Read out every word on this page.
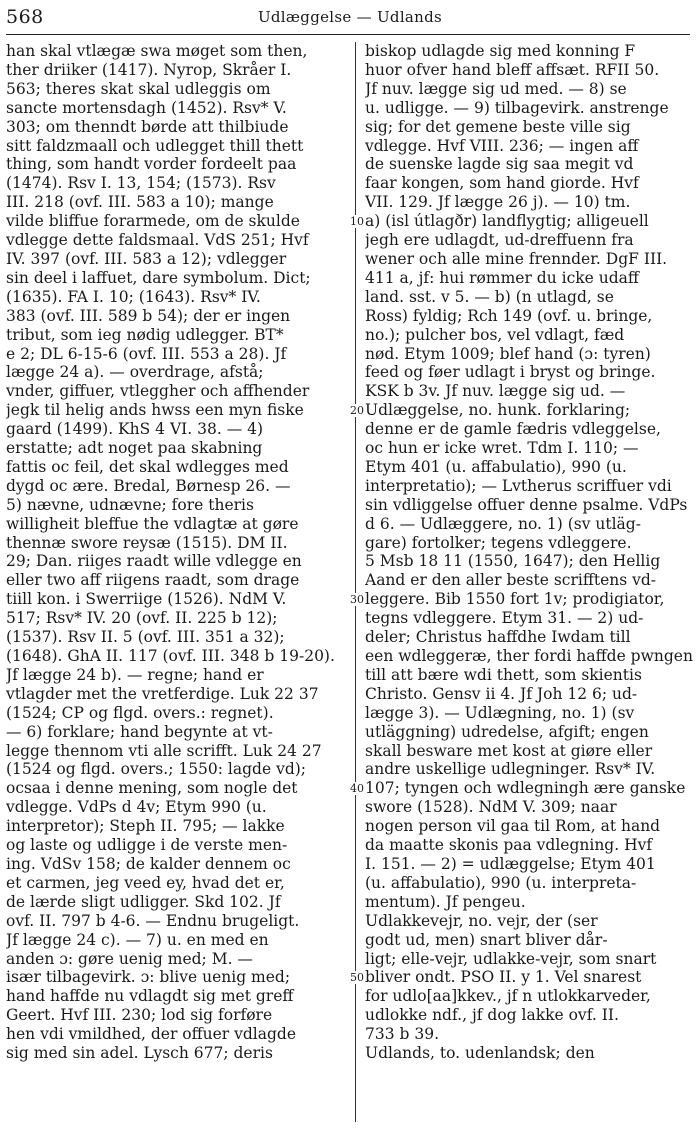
568	Udlæggelse — Udlands

han skal vtlægæ swa møget som then,

ther driiker (1417). Nyrop, Skråer I.

563; theres skat skal udleggis om

sancte mortensdagh (1452). Rsv* V.

303; om thenndt børde att thilbiude

sitt faldzmaall och udlegget thill thett

thing, som handt vorder fordeelt paa

(1474). Rsv I. 13, 154; (1573). Rsv

III. 218 (ovf. III. 583 a 10); mange

vilde bliffue forarmede, om de skulde

vdlegge dette faldsmaal. VdS 251; Hvf

IV. 397 (ovf. III. 583 a 12); vdlegger

sin deel i laffuet, dare symbolum. Dict;

(1635). FA I. 10; (1643). Rsv* IV.

383 (ovf. III. 589 b 54); der er ingen

tribut, som ieg nødig udlegger. BT*

e 2; DL 6-15-6 (ovf. III. 553 a 28). Jf

lægge 24 a). — overdrage, afstå;

vnder, giffuer, vtleggher och affhender

jegk til helig ands hwss een myn fiske

gaard (1499). KhS 4 VI. 38. — 4)

erstatte; adt noget paa skabning

fattis oc feil, det skal wdlegges med

dygd oc ære. Bredal, Børnesp 26. —

5) nævne, udnævne; fore theris

willigheit bleffue the vdlagtæ at gøre

thennæ swore reysæ (1515). DM II.

29; Dan. riiges raadt wille vdlegge en

eller two aff riigens raadt, som drage

tiill kon. i Swerriige (1526). NdM V.

517; Rsv* IV. 20 (ovf. II. 225 b 12);

(1537). Rsv II. 5 (ovf. III. 351 a 32);

(1648). GhA II. 117 (ovf. III. 348 b 19-20).

Jf lægge 24 b). — regne; hand er

vtlagder met the vretferdige. Luk 22 37

(1524; CP og flgd. overs.: regnet).

— 6) forklare; hand begynte at vt-

legge thennom vti alle scrifft. Luk 24 27

(1524 og flgd. overs.; 1550: lagde vd);

ocsaa i denne mening, som nogle det

vdlegge. VdPs d 4v; Etym 990 (u.

interpretor); Steph II. 795; — lakke

og laste og udligge i de verste men-

ing. VdSv 158; de kalder dennem oc

et carmen, jeg veed ey, hvad det er,

de lærde sligt udligger. Skd 102. Jf

ovf. II. 797 b 4-6. — Endnu brugeligt.

Jf lægge 24 c). — 7) u. en med en

anden ɔ: gøre uenig med; M. —

især tilbagevirk. ɔ: blive uenig med;

hand haffde nu vdlagdt sig met greff

Geert. Hvf III. 230; lod sig forføre

hen vdi vmildhed, der offuer vdlagde

sig med sin adel. Lysch 677; deris

10
20
30
40
50

biskop udlagde sig med konning F

huor ofver hand bleff affsæt. RFII 50.

Jf nuv. lægge sig ud med. — 8) se

u. udligge. — 9) tilbagevirk. anstrenge

sig; for det gemene beste ville sig

vdlegge. Hvf VIII. 236; — ingen aff

de suenske lagde sig saa megit vd

faar kongen, som hand giorde. Hvf

VII. 129. Jf lægge 26 j). — 10) tm.

a) (isl útlagðr) landflygtig; alligeuell

jegh ere udlagdt, ud-dreffuenn fra

wener och alle mine frennder. DgF III.

411 a, jf: hui rømmer du icke udaff

land. sst. v 5. — b) (n utlagd, se

Ross) fyldig; Rch 149 (ovf. u. bringe,

no.); pulcher bos, vel vdlagt, fæd

nød. Etym 1009; blef hand (ɔ: tyren)

feed og føer udlagt i bryst og bringe.

KSK b 3v. Jf nuv. lægge sig ud. —

Udlæggelse, no. hunk. forklaring;

denne er de gamle fædris vdleggelse,

oc hun er icke wret. Tdm I. 110; —

Etym 401 (u. affabulatio), 990 (u.

interpretatio); — Lvtherus scriffuer vdi

sin vdliggelse offuer denne psalme. VdPs

d 6. — Udlæggere, no. 1) (sv utläg-

gare) fortolker; tegens vdleggere.

5 Msb 18 11 (1550, 1647); den Hellig

Aand er den aller beste scrifftens vd-

leggere. Bib 1550 fort 1v; prodigiator,

tegns vdleggere. Etym 31. — 2) ud-

deler; Christus haffdhe Iwdam till

een wdleggeræ, ther fordi haffde pwngen

till att bære wdi thett, som skientis

Christo. Gensv ii 4. Jf Joh 12 6; ud-

lægge 3). — Udlægning, no. 1) (sv

utläggning) udredelse, afgift; engen

skall besware met kost at giøre eller

andre uskellige udlegninger. Rsv* IV.

107; tyngen och wdlegningh ære ganske

swore (1528). NdM V. 309; naar

nogen person vil gaa til Rom, at hand

da maatte skonis paa vdlegning. Hvf

I. 151. — 2) = udlæggelse; Etym 401

(u. affabulatio), 990 (u. interpreta-

mentum). Jf pengeu.

Udlakkevejr, no. vejr, der (ser

godt ud, men) snart bliver dår-

ligt; elle-vejr, udlakke-vejr, som snart

bliver ondt. PSO II. y 1. Vel snarest

for udlo[aa]kkev., jf n utlokkarveder,

udlokke ndf., jf dog lakke ovf. II.

733 b 39.

Udlands, to. udenlandsk; den
